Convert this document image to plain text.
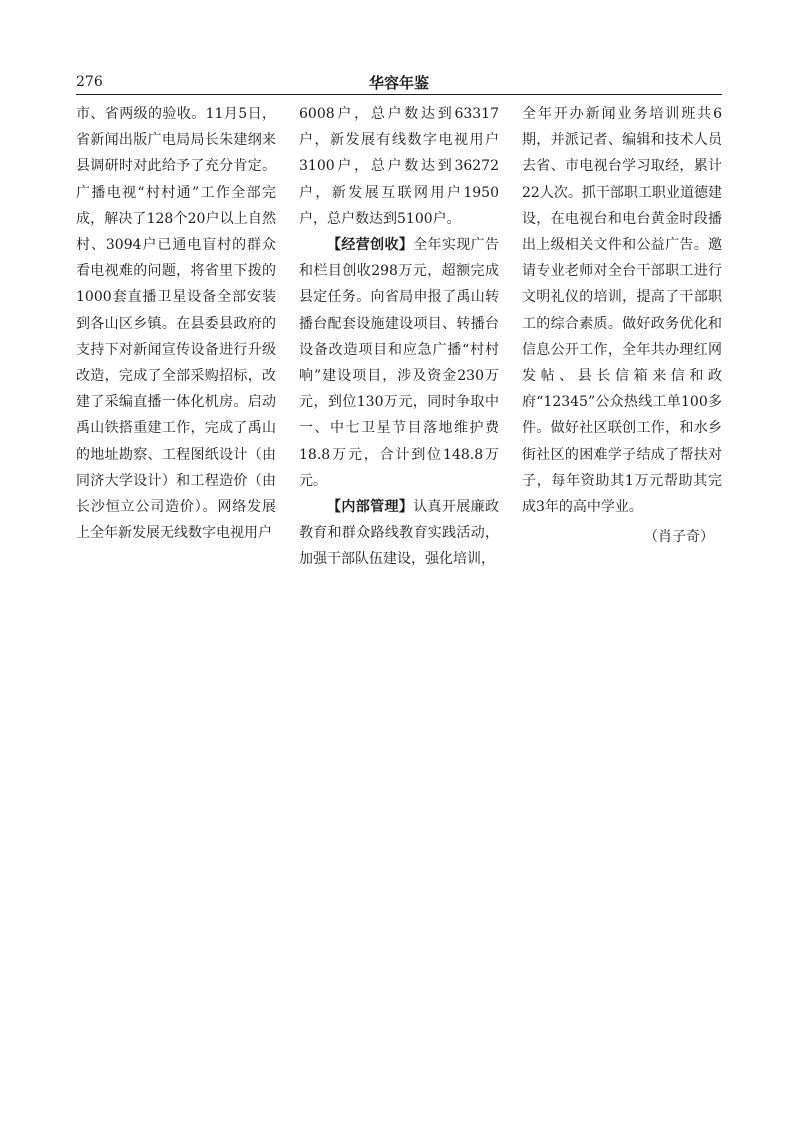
276	华容年鉴

市、省两级的验收。11月5日，省新闻出版广电局局长朱建纲来县调研时对此给予了充分肯定。广播电视“村村通”工作全部完成，解决了128个20户以上自然村、3094户已通电盲村的群众看电视难的问题，将省里下拨的1000套直播卫星设备全部安装到各山区乡镇。在县委县政府的支持下对新闻宣传设备进行升级改造，完成了全部采购招标，改建了采编直播一体化机房。启动禹山铁搭重建工作，完成了禹山的地址勘察、工程图纸设计（由同济大学设计）和工程造价（由长沙恒立公司造价）。网络发展上全年新发展无线数字电视用户

6008户，总户数达到63317户，新发展有线数字电视用户3100户，总户数达到36272户，新发展互联网用户1950户，总户数达到5100户。

【经营创收】全年实现广告和栏目创收298万元，超额完成县定任务。向省局申报了禹山转播台配套设施建设项目、转播台设备改造项目和应急广播“村村响”建设项目，涉及资金230万元，到位130万元，同时争取中一、中七卫星节目落地维护费18.8万元，合计到位148.8万元。

【内部管理】认真开展廉政教育和群众路线教育实践活动，加强干部队伍建设，强化培训，

全年开办新闻业务培训班共6期，并派记者、编辑和技术人员去省、市电视台学习取经，累计22人次。抓干部职工职业道德建设，在电视台和电台黄金时段播出上级相关文件和公益广告。邀请专业老师对全台干部职工进行文明礼仪的培训，提高了干部职工的综合素质。做好政务优化和信息公开工作，全年共办理红网发帖、县长信箱来信和政府“12345”公众热线工单100多件。做好社区联创工作，和水乡街社区的困难学子结成了帮扶对子，每年资助其1万元帮助其完成3年的高中学业。

（肖子奇）
